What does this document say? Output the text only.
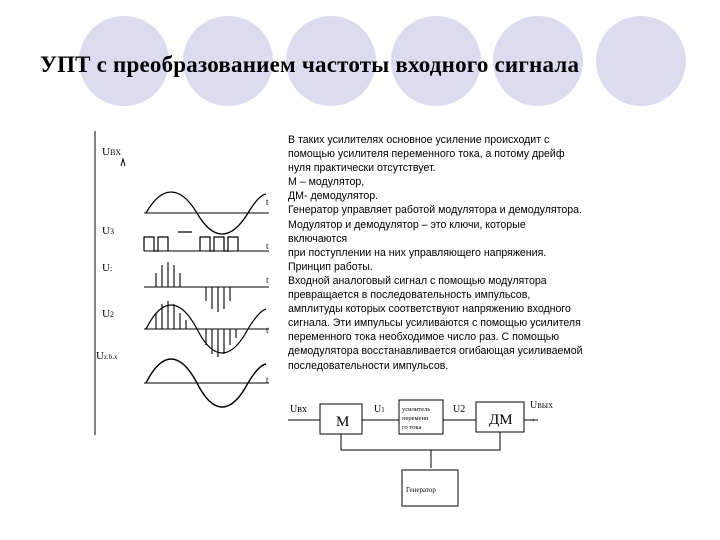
УПТ с преобразованием частоты входного сигнала
UBX
U3
U:
U2
Uz.b.x
t
t
t
t
t
В таких усилителях основное усиление происходит с
помощью усилителя переменного тока, а потому дрейф
нуля практически отсутствует.
М – модулятор,
ДМ- демодулятор.
Генератор управляет работой модулятора и демодулятора.
Модулятор и демодулятор – это ключи, которые
включаются
при поступлении на них управляющего напряжения.
Принцип работы.
Входной аналоговый сигнал с помощью модулятора
превращается в последовательность импульсов,
амплитуды которых соответствуют напряжению входного
сигнала. Эти импульсы усиливаются с помощью усилителя
переменного тока необходимое число раз. С помощью
демодулятора восстанавливается огибающая усиливаемой
последовательности импульсов.
Uвх
М
U1	усилитель
переменн
го тока
U2
ДМ
UВЫХ
›
Генератор
